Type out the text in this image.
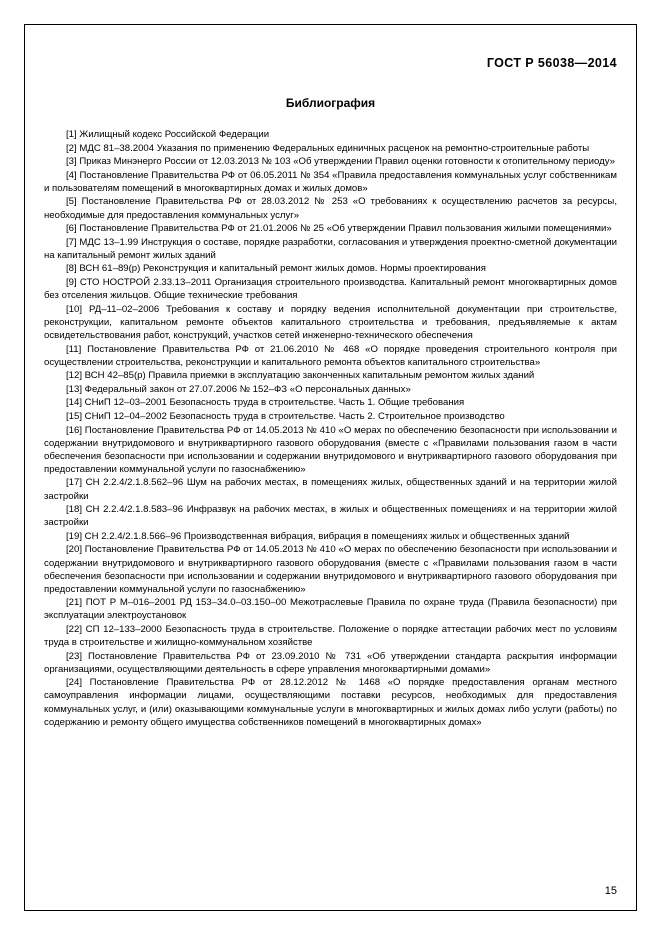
ГОСТ Р 56038—2014
Библиография

[1] Жилищный кодекс Российской Федерации

[2] МДС 81–38.2004 Указания по применению Федеральных единичных расценок на ремонтно-строительные работы

[3] Приказ Минэнерго России от 12.03.2013 № 103 «Об утверждении Правил оценки готовности к отопительному периоду»

[4] Постановление Правительства РФ от 06.05.2011 № 354 «Правила предоставления коммунальных услуг собственникам и пользователям помещений в многоквартирных домах и жилых домов»

[5] Постановление Правительства РФ от 28.03.2012 № 253 «О требованиях к осуществлению расчетов за ресурсы, необходимые для предоставления коммунальных услуг»

[6] Постановление Правительства РФ от 21.01.2006 № 25 «Об утверждении Правил пользования жилыми помещениями»

[7] МДС 13–1.99 Инструкция о составе, порядке разработки, согласования и утверждения проектно-сметной документации на капитальный ремонт жилых зданий

[8] ВСН 61–89(р) Реконструкция и капитальный ремонт жилых домов. Нормы проектирования

[9] СТО НОСТРОЙ 2.33.13–2011 Организация строительного производства. Капитальный ремонт многоквартирных домов без отселения жильцов. Общие технические требования

[10] РД–11–02–2006 Требования к составу и порядку ведения исполнительной документации при строительстве, реконструкции, капитальном ремонте объектов капитального строительства и требования, предъявляемые к актам освидетельствования работ, конструкций, участков сетей инженерно-технического обеспечения

[11] Постановление Правительства РФ от 21.06.2010 № 468 «О порядке проведения строительного контроля при осуществлении строительства, реконструкции и капитального ремонта объектов капитального строительства»

[12] ВСН 42–85(р) Правила приемки в эксплуатацию законченных капитальным ремонтом жилых зданий

[13] Федеральный закон от 27.07.2006 № 152–ФЗ «О персональных данных»

[14] СНиП 12–03–2001 Безопасность труда в строительстве. Часть 1. Общие требования

[15] СНиП 12–04–2002 Безопасность труда в строительстве. Часть 2. Строительное производство

[16] Постановление Правительства РФ от 14.05.2013 № 410 «О мерах по обеспечению безопасности при использовании и содержании внутридомового и внутриквартирного газового оборудования (вместе с «Правилами пользования газом в части обеспечения безопасности при использовании и содержании внутридомового и внутриквартирного газового оборудования при предоставлении коммунальной услуги по газоснабжению»

[17] СН 2.2.4/2.1.8.562–96 Шум на рабочих местах, в помещениях жилых, общественных зданий и на территории жилой застройки

[18] СН 2.2.4/2.1.8.583–96 Инфразвук на рабочих местах, в жилых и общественных помещениях и на территории жилой застройки

[19] СН 2.2.4/2.1.8.566–96 Производственная вибрация, вибрация в помещениях жилых и общественных зданий

[20] Постановление Правительства РФ от 14.05.2013 № 410 «О мерах по обеспечению безопасности при использовании и содержании внутридомового и внутриквартирного газового оборудования (вместе с «Правилами пользования газом в части обеспечения безопасности при использовании и содержании внутридомового и внутриквартирного газового оборудования при предоставлении коммунальной услуги по газоснабжению»

[21] ПОТ Р М–016–2001 РД 153–34.0–03.150–00 Межотраслевые Правила по охране труда (Правила безопасности) при эксплуатации электроустановок

[22] СП 12–133–2000 Безопасность труда в строительстве. Положение о порядке аттестации рабочих мест по условиям труда в строительстве и жилищно-коммунальном хозяйстве

[23] Постановление Правительства РФ от 23.09.2010 № 731 «Об утверждении стандарта раскрытия информации организациями, осуществляющими деятельность в сфере управления многоквартирными домами»

[24] Постановление Правительства РФ от 28.12.2012 № 1468 «О порядке предоставления органам местного самоуправления информации лицами, осуществляющими поставки ресурсов, необходимых для предоставления коммунальных услуг, и (или) оказывающими коммунальные услуги в многоквартирных и жилых домах либо услуги (работы) по содержанию и ремонту общего имущества собственников помещений в многоквартирных домах»

15
